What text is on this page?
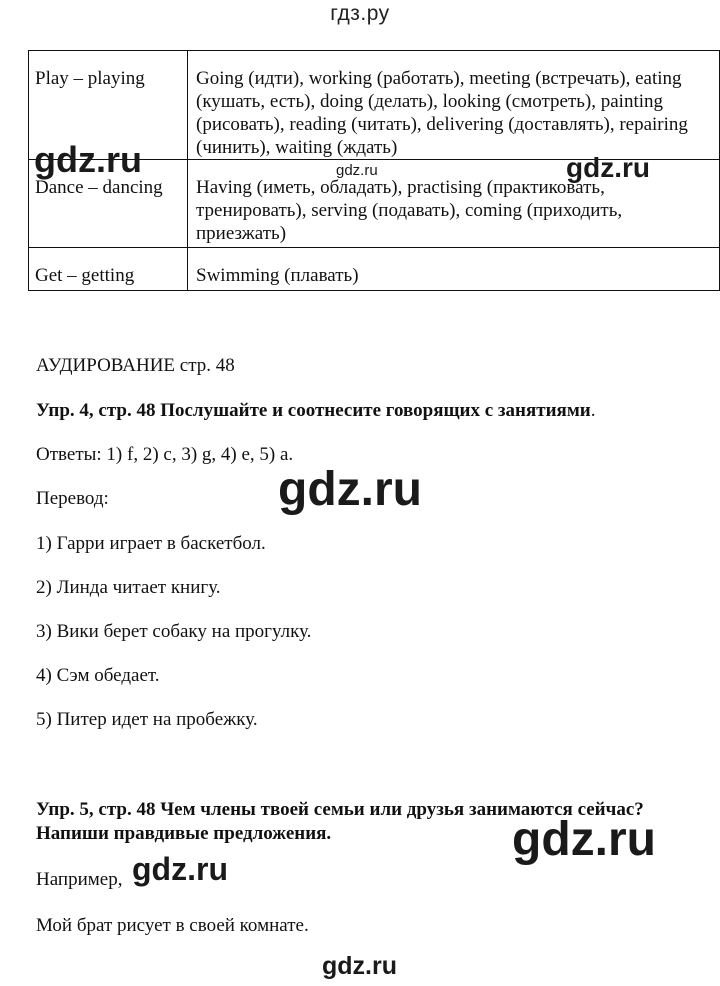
гдз.ру
Play – playing	Going (идти), working (работать), meeting (встречать), eating (кушать, есть), doing (делать), looking (смотреть), painting (рисовать), reading (читать), delivering (доставлять), repairing (чинить), waiting (ждать)
Dance – dancing	Having (иметь, обладать), practising (практиковать, тренировать), serving (подавать), coming (приходить, приезжать)
Get – getting	Swimming (плавать)
АУДИРОВАНИЕ стр. 48
Упр. 4, стр. 48 Послушайте и соотнесите говорящих с занятиями.
Ответы: 1) f, 2) c, 3) g, 4) e, 5) a.
Перевод:
1) Гарри играет в баскетбол.
2) Линда читает книгу.
3) Вики берет собаку на прогулку.
4) Сэм обедает.
5) Питер идет на пробежку.
Упр. 5, стр. 48 Чем члены твоей семьи или друзья занимаются сейчас?
Напиши правдивые предложения.
Например,
Мой брат рисует в своей комнате.
gdz.ru	gdz.ru
gdz.ru
gdz.ru
gdz.ru
gdz.ru
gdz.ru
